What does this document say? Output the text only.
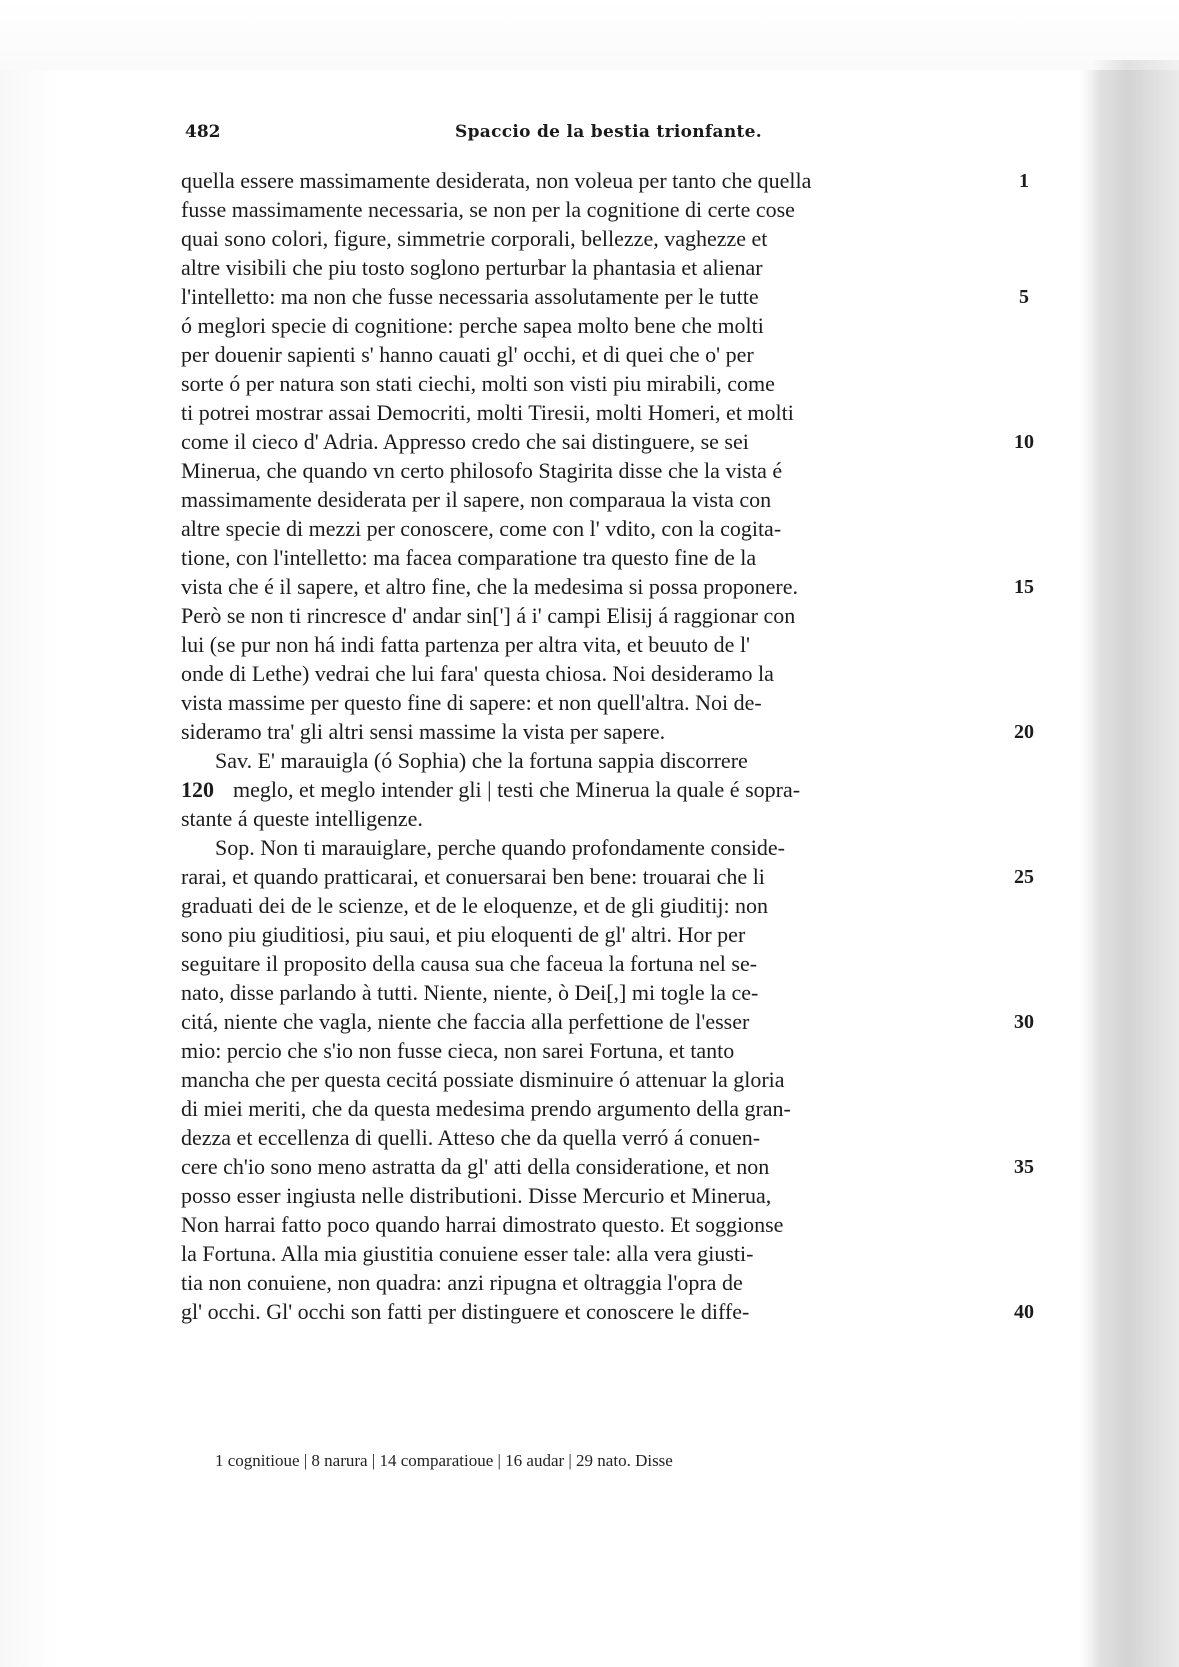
482	Spaccio de la bestia trionfante.
quella essere massimamente desiderata, non voleua per tanto che quella
fusse massimamente necessaria, se non per la cognitione di certe cose
quai sono colori, figure, simmetrie corporali, bellezze, vaghezze et
altre visibili che piu tosto soglono perturbar la phantasia et alienar
l'intelletto: ma non che fusse necessaria assolutamente per le tutte
ó meglori specie di cognitione: perche sapea molto bene che molti
per douenir sapienti s' hanno cauati gl' occhi, et di quei che o' per
sorte ó per natura son stati ciechi, molti son visti piu mirabili, come
ti potrei mostrar assai Democriti, molti Tiresii, molti Homeri, et molti
come il cieco d' Adria. Appresso credo che sai distinguere, se sei
Minerua, che quando vn certo philosofo Stagirita disse che la vista é
massimamente desiderata per il sapere, non comparaua la vista con
altre specie di mezzi per conoscere, come con l' vdito, con la cogita-
tione, con l'intelletto: ma facea comparatione tra questo fine de la
vista che é il sapere, et altro fine, che la medesima si possa proponere.
Però se non ti rincresce d' andar sin['] á i' campi Elisij á raggionar con
lui (se pur non há indi fatta partenza per altra vita, et beuuto de l'
onde di Lethe) vedrai che lui fara' questa chiosa. Noi desideramo la
vista massime per questo fine di sapere: et non quell'altra. Noi de-
sideramo tra' gli altri sensi massime la vista per sapere.
Sav. E' marauigla (ó Sophia) che la fortuna sappia discorrere
meglo, et meglo intender gli | testi che Minerua la quale é sopra-
stante á queste intelligenze.
Sop. Non ti marauiglare, perche quando profondamente conside-
rarai, et quando pratticarai, et conuersarai ben bene: trouarai che li
graduati dei de le scienze, et de le eloquenze, et de gli giuditij: non
sono piu giuditiosi, piu saui, et piu eloquenti de gl' altri. Hor per
seguitare il proposito della causa sua che faceua la fortuna nel se-
nato, disse parlando à tutti. Niente, niente, ò Dei[,] mi togle la ce-
citá, niente che vagla, niente che faccia alla perfettione de l'esser
mio: percio che s'io non fusse cieca, non sarei Fortuna, et tanto
mancha che per questa cecitá possiate disminuire ó attenuar la gloria
di miei meriti, che da questa medesima prendo argumento della gran-
dezza et eccellenza di quelli. Atteso che da quella verró á conuen-
cere ch'io sono meno astratta da gl' atti della consideratione, et non
posso esser ingiusta nelle distributioni. Disse Mercurio et Minerua,
Non harrai fatto poco quando harrai dimostrato questo. Et soggionse
la Fortuna. Alla mia giustitia conuiene esser tale: alla vera giusti-
tia non conuiene, non quadra: anzi ripugna et oltraggia l'opra de
gl' occhi. Gl' occhi son fatti per distinguere et conoscere le diffe-
120
1
5
10
15
20
25
30
35
40
1 cognitioue | 8 narura | 14 comparatioue | 16 audar | 29 nato. Disse
